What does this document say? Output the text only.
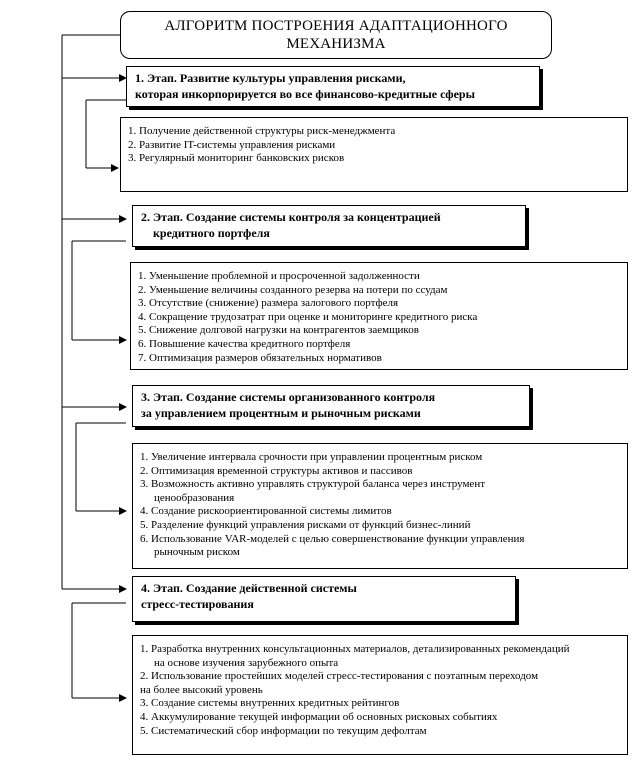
АЛГОРИТМ ПОСТРОЕНИЯ АДАПТАЦИОННОГО
МЕХАНИЗМА
1. Этап. Развитие культуры управления рисками,
которая инкорпорируется во все финансово-кредитные сферы
1. Получение действенной структуры риск-менеджмента
2. Развитие IT-системы управления рисками
3. Регулярный мониторинг банковских рисков
2. Этап. Создание системы контроля за концентрацией
кредитного портфеля
1. Уменьшение проблемной и просроченной задолженности
2. Уменьшение величины созданного резерва на потери по ссудам
3. Отсутствие (снижение) размера залогового портфеля
4. Сокращение трудозатрат при оценке и мониторинге кредитного риска
5. Снижение долговой нагрузки на контрагентов заемщиков
6. Повышение качества кредитного портфеля
7. Оптимизация размеров обязательных нормативов
3. Этап. Создание системы организованного контроля
за управлением процентным и рыночным рисками
1. Увеличение интервала срочности при управлении процентным риском
2. Оптимизация временной структуры активов и пассивов
3. Возможность активно управлять структурой баланса через инструмент
ценообразования
4. Создание рискоориентированной системы лимитов
5. Разделение функций управления рисками от функций бизнес-линий
6. Использование VAR-моделей с целью совершенствование функции управления
рыночным риском
4. Этап. Создание действенной системы
стресс-тестирования
1. Разработка внутренних консультационных материалов, детализированных рекомендаций
на основе изучения зарубежного опыта
2. Использование простейших моделей стресс-тестирования с поэтапным переходом
на более высокий уровень
3. Создание системы внутренних кредитных рейтингов
4. Аккумулирование текущей информации об основных рисковых событиях
5. Систематический сбор информации по текущим дефолтам
